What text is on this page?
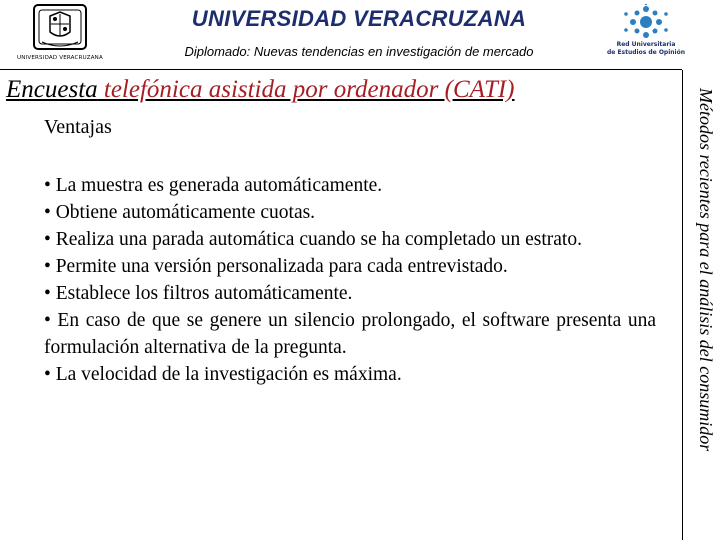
UNIVERSIDAD VERACRUZANA
UNIVERSIDAD VERACRUZANA
Diplomado: Nuevas tendencias en investigación de mercado	Red Universitaria
de Estudios de Opinión
Encuesta telefónica asistida por ordenador (CATI)
Ventajas

• La muestra es generada automáticamente.

• Obtiene automáticamente cuotas.

• Realiza una parada automática cuando se ha completado un estrato.

• Permite una versión personalizada para cada entrevistado.

• Establece los filtros automáticamente.

• En caso de que se genere un silencio prolongado, el software presenta una formulación alternativa de la pregunta.

• La velocidad de la investigación es máxima.	Métodos recientes para el análisis del consumidor
